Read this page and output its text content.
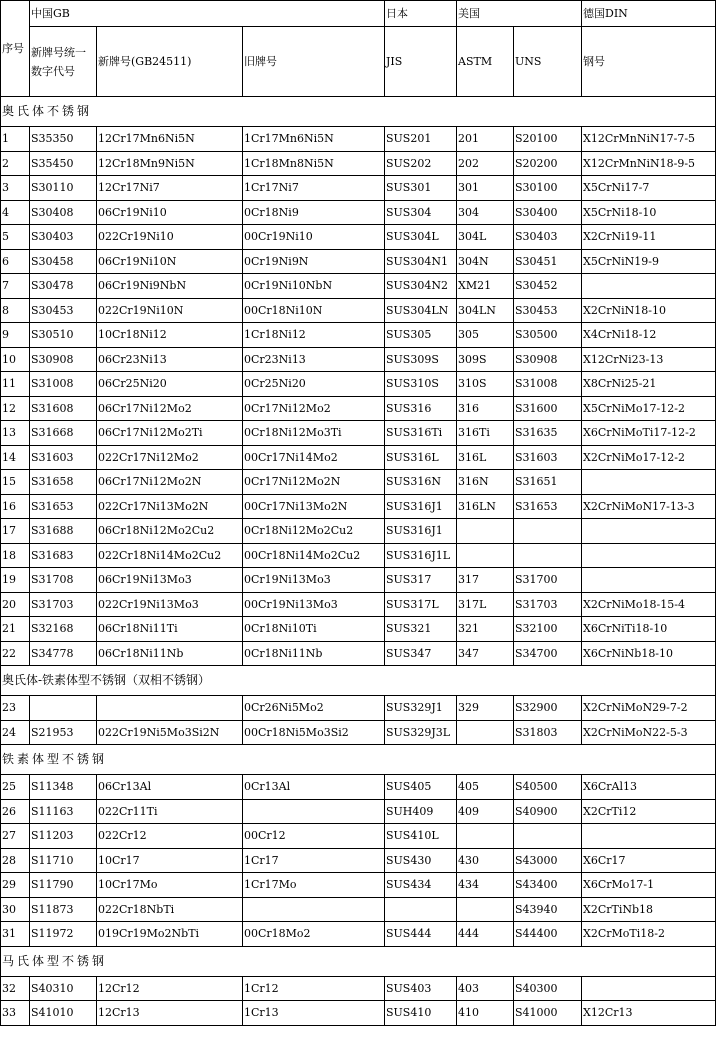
序号	中国GB			日本	美国		德国DIN
	新牌号统一数字代号	新牌号(GB24511)	旧牌号	JIS	ASTM	UNS	钢号
奥氏体不锈钢							
1	S35350	12Cr17Mn6Ni5N	1Cr17Mn6Ni5N	SUS201	201	S20100	X12CrMnNiN17-7-5
2	S35450	12Cr18Mn9Ni5N	1Cr18Mn8Ni5N	SUS202	202	S20200	X12CrMnNiN18-9-5
3	S30110	12Cr17Ni7	1Cr17Ni7	SUS301	301	S30100	X5CrNi17-7
4	S30408	06Cr19Ni10	0Cr18Ni9	SUS304	304	S30400	X5CrNi18-10
5	S30403	022Cr19Ni10	00Cr19Ni10	SUS304L	304L	S30403	X2CrNi19-11
6	S30458	06Cr19Ni10N	0Cr19Ni9N	SUS304N1	304N	S30451	X5CrNiN19-9
7	S30478	06Cr19Ni9NbN	0Cr19Ni10NbN	SUS304N2	XM21	S30452	
8	S30453	022Cr19Ni10N	00Cr18Ni10N	SUS304LN	304LN	S30453	X2CrNiN18-10
9	S30510	10Cr18Ni12	1Cr18Ni12	SUS305	305	S30500	X4CrNi18-12
10	S30908	06Cr23Ni13	0Cr23Ni13	SUS309S	309S	S30908	X12CrNi23-13
11	S31008	06Cr25Ni20	0Cr25Ni20	SUS310S	310S	S31008	X8CrNi25-21
12	S31608	06Cr17Ni12Mo2	0Cr17Ni12Mo2	SUS316	316	S31600	X5CrNiMo17-12-2
13	S31668	06Cr17Ni12Mo2Ti	0Cr18Ni12Mo3Ti	SUS316Ti	316Ti	S31635	X6CrNiMoTi17-12-2
14	S31603	022Cr17Ni12Mo2	00Cr17Ni14Mo2	SUS316L	316L	S31603	X2CrNiMo17-12-2
15	S31658	06Cr17Ni12Mo2N	0Cr17Ni12Mo2N	SUS316N	316N	S31651	
16	S31653	022Cr17Ni13Mo2N	00Cr17Ni13Mo2N	SUS316J1	316LN	S31653	X2CrNiMoN17-13-3
17	S31688	06Cr18Ni12Mo2Cu2	0Cr18Ni12Mo2Cu2	SUS316J1			
18	S31683	022Cr18Ni14Mo2Cu2	00Cr18Ni14Mo2Cu2	SUS316J1L			
19	S31708	06Cr19Ni13Mo3	0Cr19Ni13Mo3	SUS317	317	S31700	
20	S31703	022Cr19Ni13Mo3	00Cr19Ni13Mo3	SUS317L	317L	S31703	X2CrNiMo18-15-4
21	S32168	06Cr18Ni11Ti	0Cr18Ni10Ti	SUS321	321	S32100	X6CrNiTi18-10
22	S34778	06Cr18Ni11Nb	0Cr18Ni11Nb	SUS347	347	S34700	X6CrNiNb18-10
奥氏体-铁素体型不锈钢（双相不锈钢）							
23			0Cr26Ni5Mo2	SUS329J1	329	S32900	X2CrNiMoN29-7-2
24	S21953	022Cr19Ni5Mo3Si2N	00Cr18Ni5Mo3Si2	SUS329J3L		S31803	X2CrNiMoN22-5-3
铁素体型不锈钢							
25	S11348	06Cr13Al	0Cr13Al	SUS405	405	S40500	X6CrAl13
26	S11163	022Cr11Ti		SUH409	409	S40900	X2CrTi12
27	S11203	022Cr12	00Cr12	SUS410L			
28	S11710	10Cr17	1Cr17	SUS430	430	S43000	X6Cr17
29	S11790	10Cr17Mo	1Cr17Mo	SUS434	434	S43400	X6CrMo17-1
30	S11873	022Cr18NbTi				S43940	X2CrTiNb18
31	S11972	019Cr19Mo2NbTi	00Cr18Mo2	SUS444	444	S44400	X2CrMoTi18-2
马氏体型不锈钢							
32	S40310	12Cr12	1Cr12	SUS403	403	S40300	
33	S41010	12Cr13	1Cr13	SUS410	410	S41000	X12Cr13
